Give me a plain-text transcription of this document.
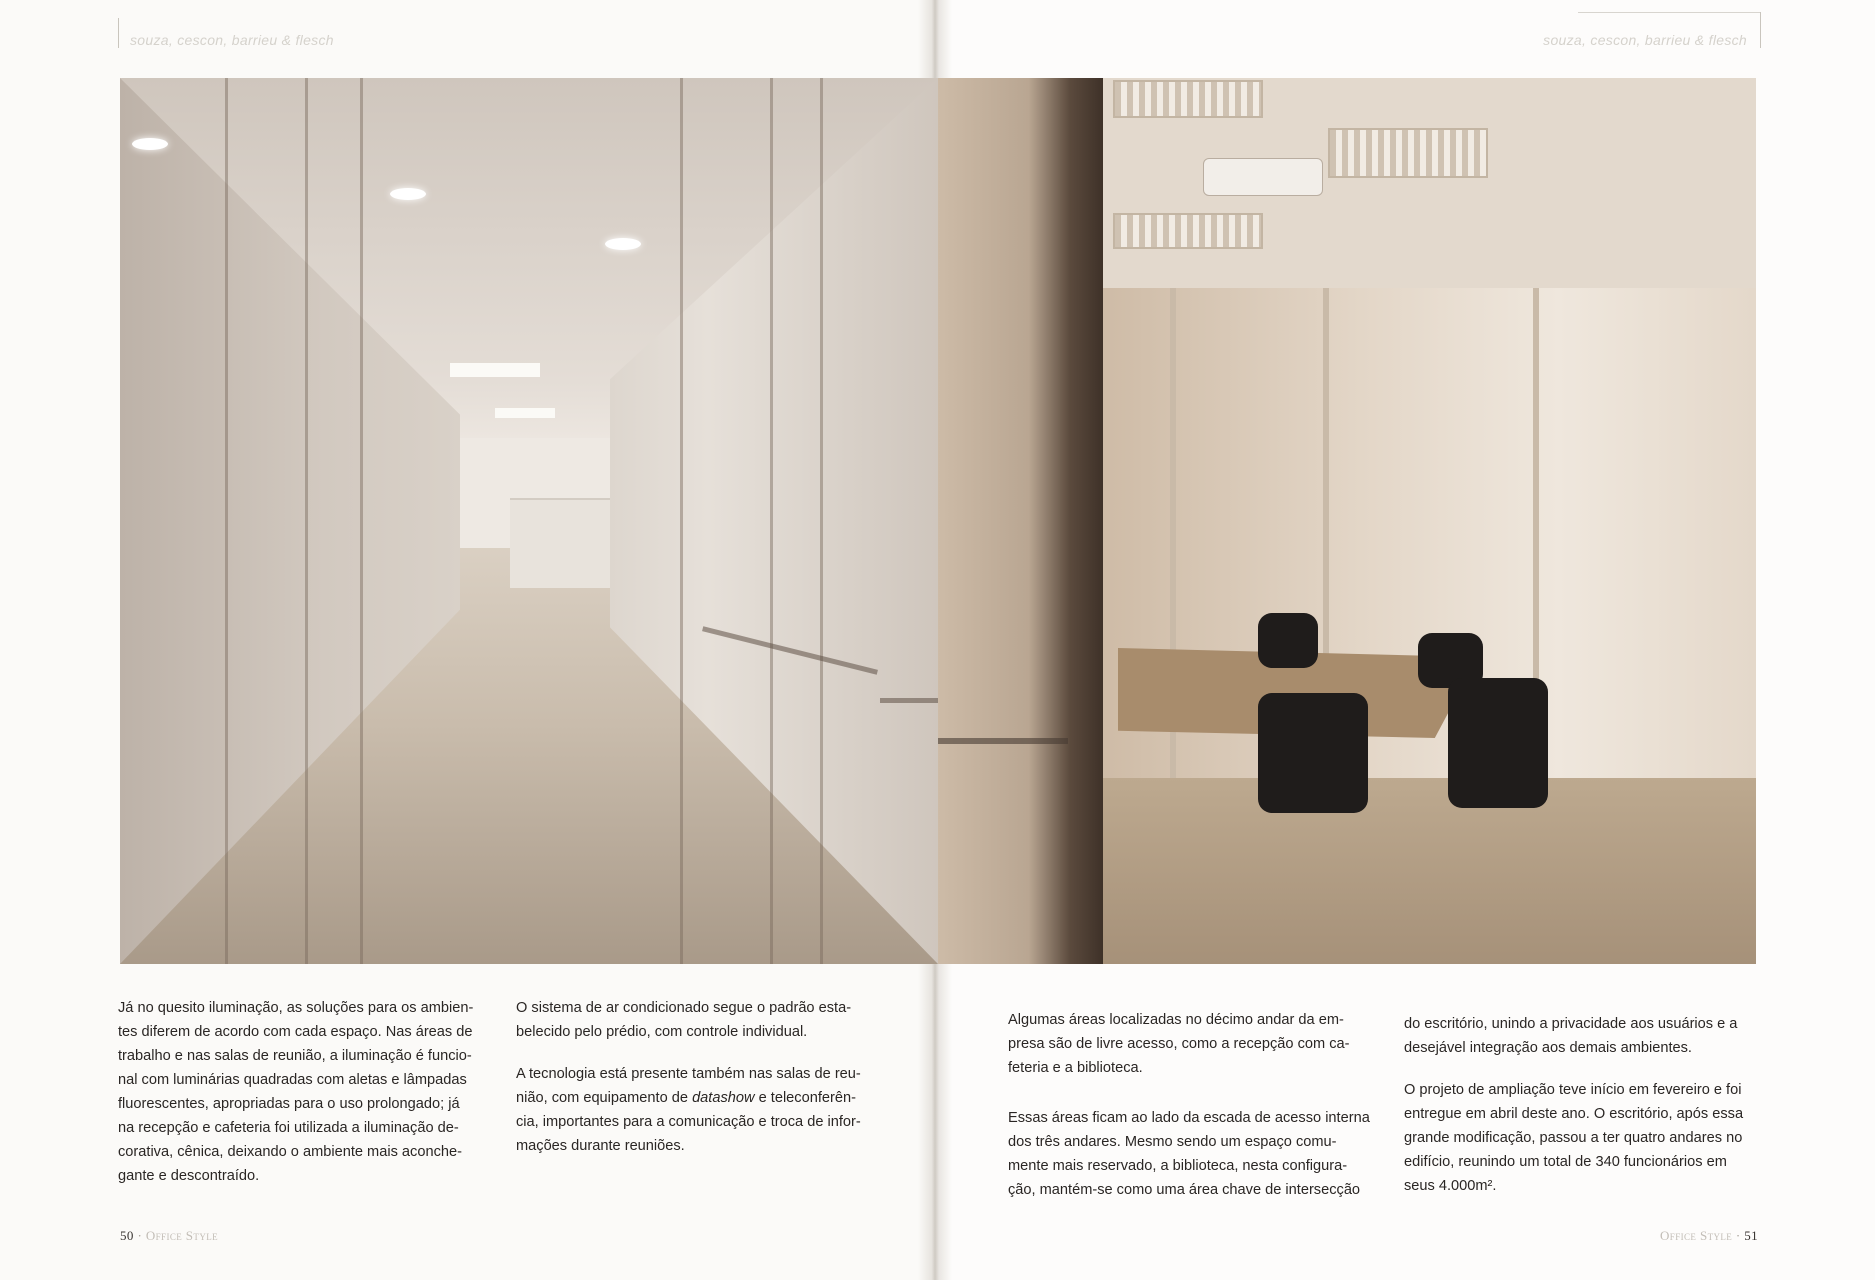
souza, cescon, barrieu & flesch	souza, cescon, barrieu & flesch

Já no quesito iluminação, as soluções para os ambien-
tes diferem de acordo com cada espaço. Nas áreas de
trabalho e nas salas de reunião, a iluminação é funcio-
nal com luminárias quadradas com aletas e lâmpadas
fluorescentes, apropriadas para o uso prolongado; já
na recepção e cafeteria foi utilizada a iluminação de-
corativa, cênica, deixando o ambiente mais aconche-
gante e descontraído.

O sistema de ar condicionado segue o padrão esta-
belecido pelo prédio, com controle individual.

A tecnologia está presente também nas salas de reu-
nião, com equipamento de datashow e teleconferên-
cia, importantes para a comunicação e troca de infor-
mações durante reuniões.

Algumas áreas localizadas no décimo andar da em-
presa são de livre acesso, como a recepção com ca-
feteria e a biblioteca.

Essas áreas ficam ao lado da escada de acesso interna
dos três andares. Mesmo sendo um espaço comu-
mente mais reservado, a biblioteca, nesta configura-
ção, mantém-se como uma área chave de intersecção

do escritório, unindo a privacidade aos usuários e a
desejável integração aos demais ambientes.

O projeto de ampliação teve início em fevereiro e foi
entregue em abril deste ano. O escritório, após essa
grande modificação, passou a ter quatro andares no
edifício, reunindo um total de 340 funcionários em
seus 4.000m².

50 · Office Style	Office Style · 51
